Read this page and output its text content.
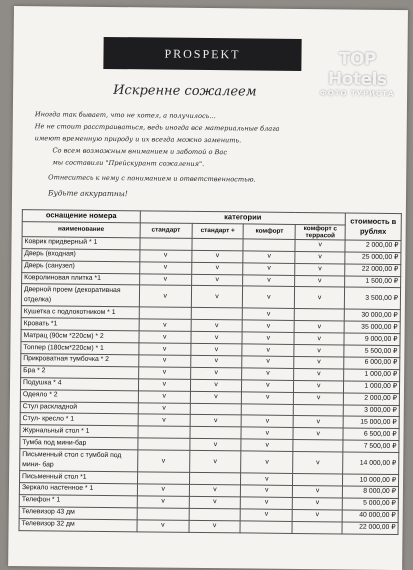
PROSPEKT
Искренне сожалеем
Иногда так бывает, что не хотел, а получилось…
Не не стоит расстраиваться, ведь иногда все материальные блага
имеют временную природу и их всегда можно заменить.
Со всем возможным вниманием и заботой о Вас
мы составили "Прейскурант сожаления".
Отнеситесь к нему с пониманием и ответственностью.
Будьте аккуратны!
оснащение номера	категории				стоимость в рублях
наименование	стандарт	стандарт +	комфорт	комфорт с террасой	
Коврик придверный * 1				v	2 000,00 ₽
Дверь (входная)	v	v	v	v	25 000,00 ₽
Дверь (санузел)	v	v	v	v	22 000,00 ₽
Ковролиновая плитка *1	v	v	v	v	1 500,00 ₽
Дверной проем (декоративная
отделка)	v	v	v	v	3 500,00 ₽
Кушетка с подлокотником * 1			v		30 000,00 ₽
Кровать *1	v	v	v	v	35 000,00 ₽
Матрац (90см *220см) * 2	v	v	v	v	9 000,00 ₽
Топпер (180см*220см) * 1	v	v	v	v	5 500,00 ₽
Прикроватная тумбочка * 2	v	v	v	v	6 000,00 ₽
Бра * 2	v	v	v	v	1 000,00 ₽
Подушка * 4	v	v	v	v	1 000,00 ₽
Одеяло * 2	v	v	v	v	2 000,00 ₽
Стул раскладной	v				3 000,00 ₽
Стул- кресло * 1	v	v	v	v	15 000,00 ₽
Журнальный стол * 1			v	v	6 500,00 ₽
Тумба под мини-бар		v	v		7 500,00 ₽
Письменный стол с тумбой под
мини- бар	v	v	v	v	14 000,00 ₽
Письменный стол *1			v		10 000,00 ₽
Зеркало настенное * 1	v	v	v	v	8 000,00 ₽
Телефон * 1	v	v	v	v	5 000,00 ₽
Телевизор 43 дм			v	v	40 000,00 ₽
Телевизор 32 дм	v	v			22 000,00 ₽
TOP Hotels
ФОТО ТУРИСТА
